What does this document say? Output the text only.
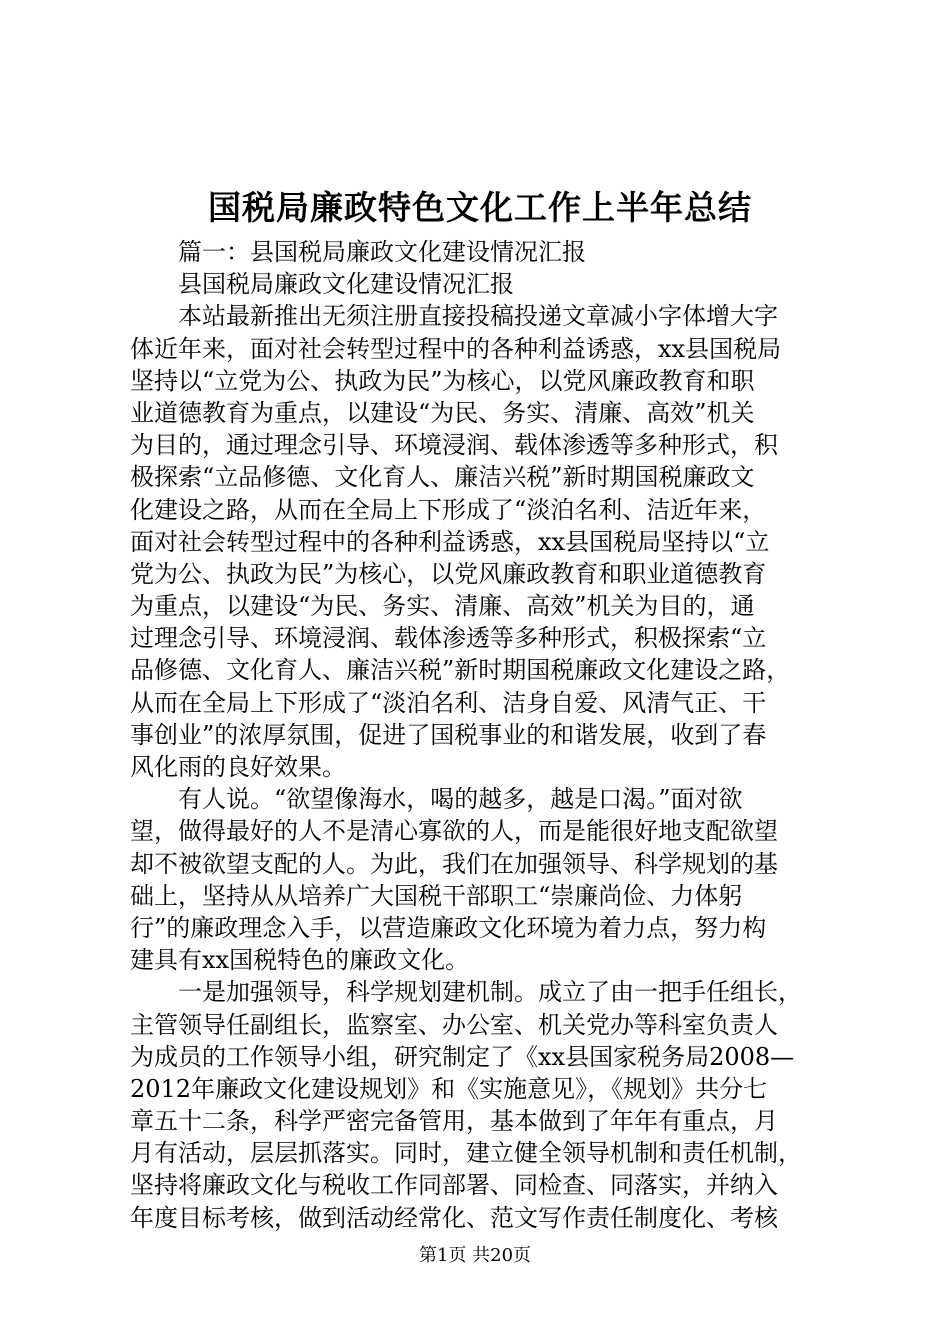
国税局廉政特色文化工作上半年总结
篇一：县国税局廉政文化建设情况汇报
县国税局廉政文化建设情况汇报
本站最新推出无须注册直接投稿投递文章减小字体增大字
体近年来，面对社会转型过程中的各种利益诱惑，xx县国税局
坚持以“立党为公、执政为民”为核心，以党风廉政教育和职
业道德教育为重点，以建设“为民、务实、清廉、高效”机关
为目的，通过理念引导、环境浸润、载体渗透等多种形式，积
极探索“立品修德、文化育人、廉洁兴税”新时期国税廉政文
化建设之路，从而在全局上下形成了“淡泊名利、洁近年来，
面对社会转型过程中的各种利益诱惑，xx县国税局坚持以“立
党为公、执政为民”为核心，以党风廉政教育和职业道德教育
为重点，以建设“为民、务实、清廉、高效”机关为目的，通
过理念引导、环境浸润、载体渗透等多种形式，积极探索“立
品修德、文化育人、廉洁兴税”新时期国税廉政文化建设之路，
从而在全局上下形成了“淡泊名利、洁身自爱、风清气正、干
事创业”的浓厚氛围，促进了国税事业的和谐发展，收到了春
风化雨的良好效果。
有人说。“欲望像海水，喝的越多，越是口渴。”面对欲
望，做得最好的人不是清心寡欲的人，而是能很好地支配欲望
却不被欲望支配的人。为此，我们在加强领导、科学规划的基
础上，坚持从从培养广大国税干部职工“崇廉尚俭、力体躬
行”的廉政理念入手，以营造廉政文化环境为着力点，努力构
建具有xx国税特色的廉政文化。
一是加强领导，科学规划建机制。成立了由一把手任组长，
主管领导任副组长，监察室、办公室、机关党办等科室负责人
为成员的工作领导小组，研究制定了《xx县国家税务局2008—
2012年廉政文化建设规划》和《实施意见》，《规划》共分七
章五十二条，科学严密完备管用，基本做到了年年有重点，月
月有活动，层层抓落实。同时，建立健全领导机制和责任机制，
坚持将廉政文化与税收工作同部署、同检查、同落实，并纳入
年度目标考核，做到活动经常化、范文写作责任制度化、考核
第1页 共20页
